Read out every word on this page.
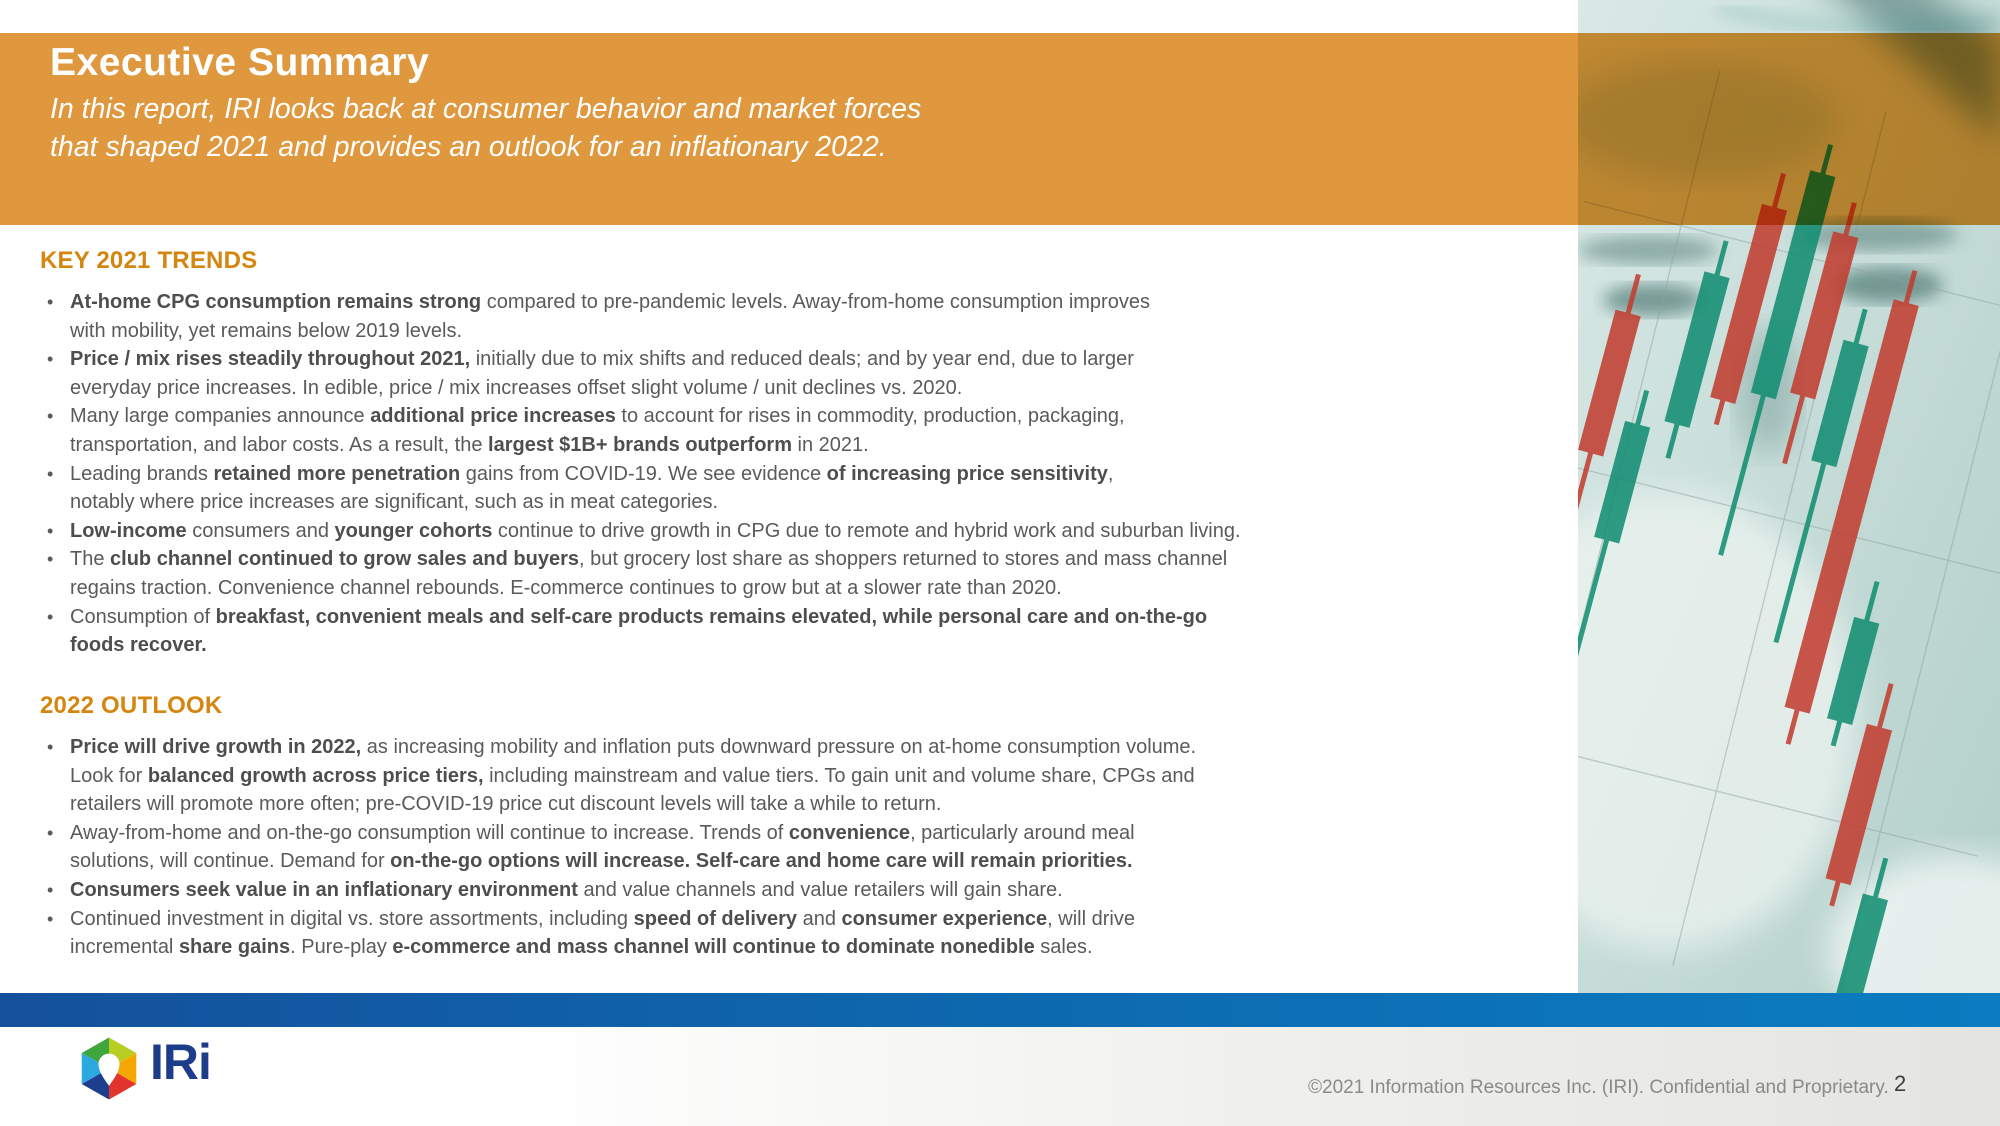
Executive Summary
In this report, IRI looks back at consumer behavior and market forces
that shaped 2021 and provides an outlook for an inflationary 2022.
KEY 2021 TRENDS
• At-home CPG consumption remains strong compared to pre-pandemic levels. Away-from-home consumption improves
with mobility, yet remains below 2019 levels.
• Price / mix rises steadily throughout 2021, initially due to mix shifts and reduced deals; and by year end, due to larger
everyday price increases. In edible, price / mix increases offset slight volume / unit declines vs. 2020.
• Many large companies announce additional price increases to account for rises in commodity, production, packaging,
transportation, and labor costs. As a result, the largest $1B+ brands outperform in 2021.
• Leading brands retained more penetration gains from COVID-19. We see evidence of increasing price sensitivity,
notably where price increases are significant, such as in meat categories.
• Low-income consumers and younger cohorts continue to drive growth in CPG due to remote and hybrid work and suburban living.
• The club channel continued to grow sales and buyers, but grocery lost share as shoppers returned to stores and mass channel
regains traction. Convenience channel rebounds. E-commerce continues to grow but at a slower rate than 2020.
• Consumption of breakfast, convenient meals and self-care products remains elevated, while personal care and on-the-go
foods recover.
2022 OUTLOOK
• Price will drive growth in 2022, as increasing mobility and inflation puts downward pressure on at-home consumption volume.
Look for balanced growth across price tiers, including mainstream and value tiers. To gain unit and volume share, CPGs and
retailers will promote more often; pre-COVID-19 price cut discount levels will take a while to return.
• Away-from-home and on-the-go consumption will continue to increase. Trends of convenience, particularly around meal
solutions, will continue. Demand for on-the-go options will increase. Self-care and home care will remain priorities.
• Consumers seek value in an inflationary environment and value channels and value retailers will gain share.
• Continued investment in digital vs. store assortments, including speed of delivery and consumer experience, will drive
incremental share gains. Pure-play e-commerce and mass channel will continue to dominate nonedible sales.
IRi	©2021 Information Resources Inc. (IRI). Confidential and Proprietary. 2
